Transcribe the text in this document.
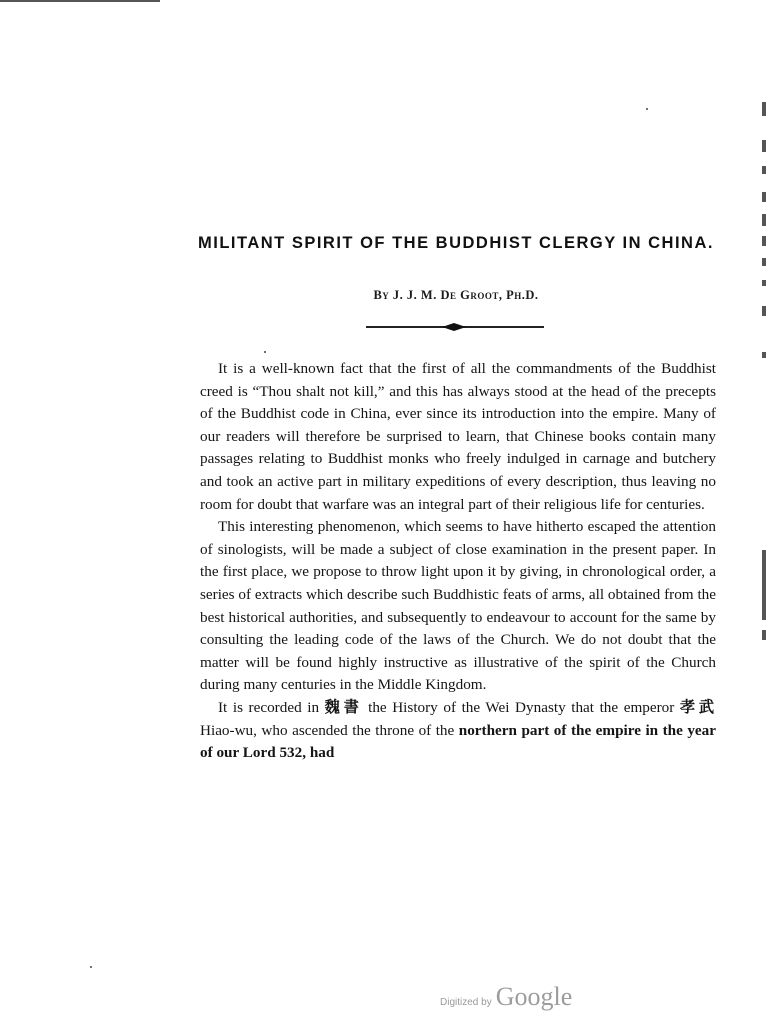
MILITANT SPIRIT OF THE BUDDHIST CLERGY IN CHINA.
By J. J. M. De Groot, Ph.D.

It is a well-known fact that the first of all the commandments of the Buddhist creed is “Thou shalt not kill,” and this has always stood at the head of the precepts of the Buddhist code in China, ever since its introduction into the empire. Many of our readers will therefore be surprised to learn, that Chinese books contain many passages relating to Buddhist monks who freely indulged in carnage and butchery and took an active part in military expeditions of every description, thus leaving no room for doubt that warfare was an integral part of their religious life for centuries.

This interesting phenomenon, which seems to have hitherto escaped the attention of sinologists, will be made a subject of close examination in the present paper. In the first place, we propose to throw light upon it by giving, in chronological order, a series of extracts which describe such Buddhistic feats of arms, all obtained from the best historical authorities, and subsequently to endeavour to account for the same by consulting the leading code of the laws of the Church. We do not doubt that the matter will be found highly instructive as illustrative of the spirit of the Church during many centuries in the Middle Kingdom.

It is recorded in 魏書 the History of the Wei Dynasty that the emperor 孝武 Hiao-wu, who ascended the throne of the northern part of the empire in the year of our Lord 532, had

Digitized by Google
